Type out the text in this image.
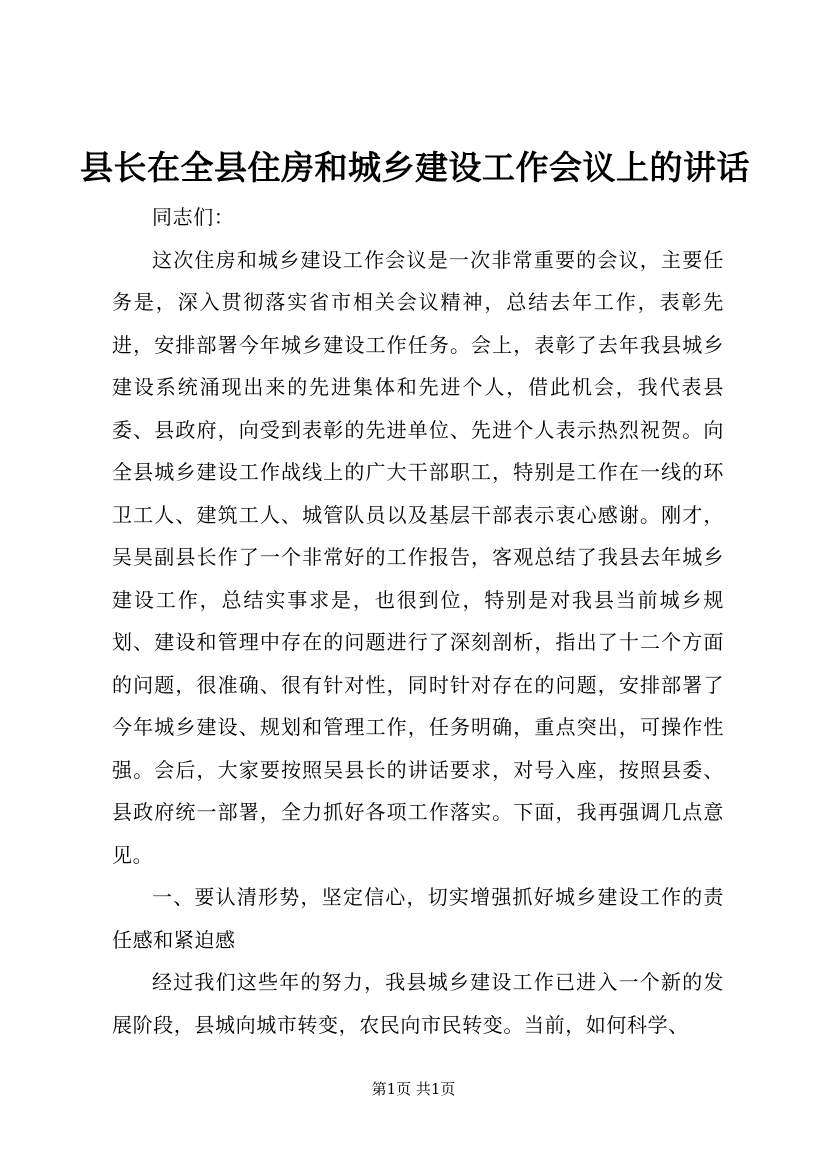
县长在全县住房和城乡建设工作会议上的讲话

同志们：

这次住房和城乡建设工作会议是一次非常重要的会议，主要任务是，深入贯彻落实省市相关会议精神，总结去年工作，表彰先进，安排部署今年城乡建设工作任务。会上，表彰了去年我县城乡建设系统涌现出来的先进集体和先进个人，借此机会，我代表县委、县政府，向受到表彰的先进单位、先进个人表示热烈祝贺。向全县城乡建设工作战线上的广大干部职工，特别是工作在一线的环卫工人、建筑工人、城管队员以及基层干部表示衷心感谢。刚才，吴昊副县长作了一个非常好的工作报告，客观总结了我县去年城乡建设工作，总结实事求是，也很到位，特别是对我县当前城乡规划、建设和管理中存在的问题进行了深刻剖析，指出了十二个方面的问题，很准确、很有针对性，同时针对存在的问题，安排部署了今年城乡建设、规划和管理工作，任务明确，重点突出，可操作性强。会后，大家要按照吴县长的讲话要求，对号入座，按照县委、县政府统一部署，全力抓好各项工作落实。下面，我再强调几点意见。

一、要认清形势，坚定信心，切实增强抓好城乡建设工作的责任感和紧迫感

经过我们这些年的努力，我县城乡建设工作已进入一个新的发展阶段，县城向城市转变，农民向市民转变。当前，如何科学、

第1页 共1页
